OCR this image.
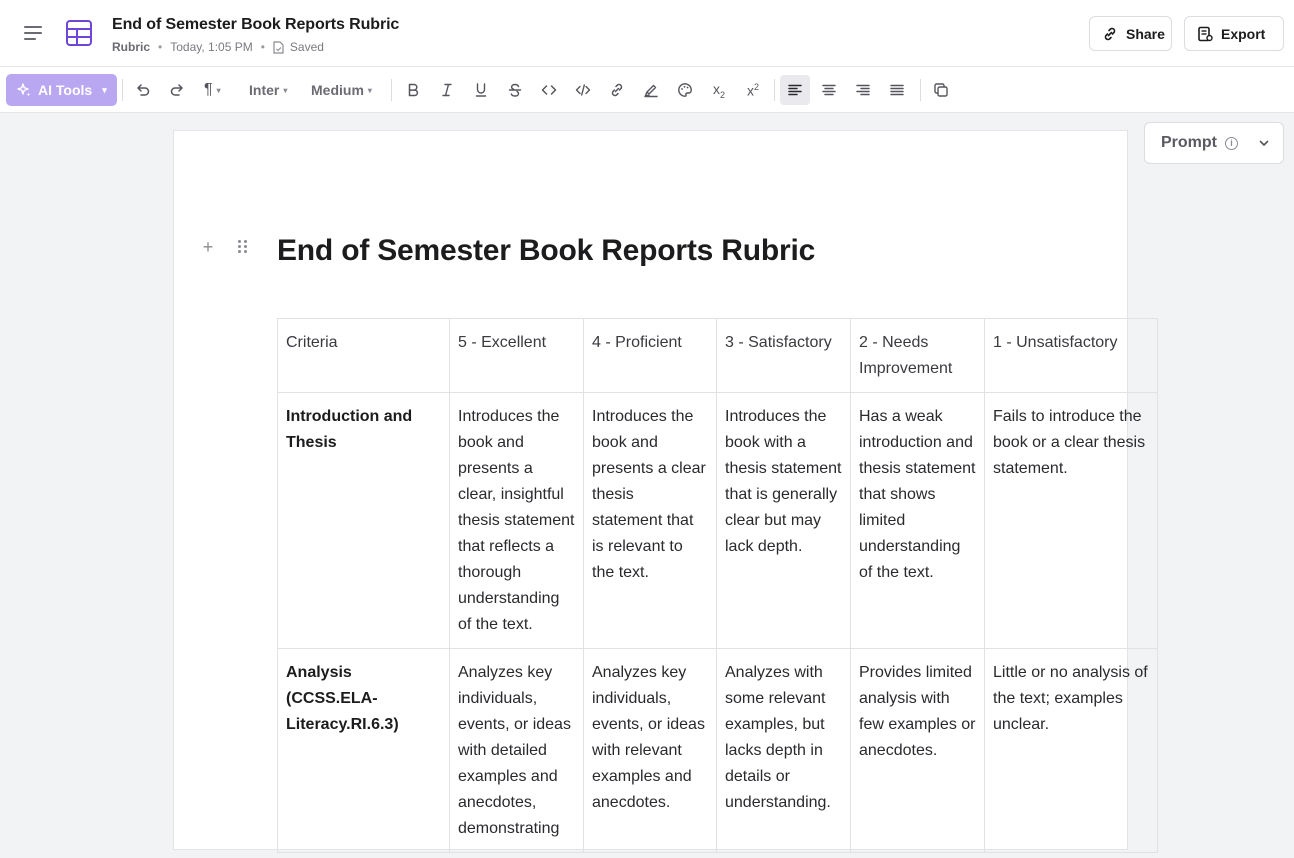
End of Semester Book Reports Rubric
Rubric • Today, 1:05 PM • Saved
Share	Export
AI Tools ▾	¶ ▾ Inter ▾ Medium ▾	$x_2$ $x^2$
+ End of Semester Book Reports Rubric
Criteria	5 - Excellent	4 - Proficient	3 - Satisfactory	2 - Needs Improvement	1 - Unsatisfactory
Introduction and Thesis	Introduces the book and presents a clear, insightful thesis statement that reflects a thorough understanding of the text.	Introduces the book and presents a clear thesis statement that is relevant to the text.	Introduces the book with a thesis statement that is generally clear but may lack depth.	Has a weak introduction and thesis statement that shows limited understanding of the text.	Fails to introduce the book or a clear thesis statement.
Analysis (CCSS.ELA-Literacy.RI.6.3)	Analyzes key individuals, events, or ideas with detailed examples and anecdotes, demonstrating	Analyzes key individuals, events, or ideas with relevant examples and anecdotes.	Analyzes with some relevant examples, but lacks depth in details or understanding.	Provides limited analysis with few examples or anecdotes.	Little or no analysis of the text; examples unclear.
Prompt	i
